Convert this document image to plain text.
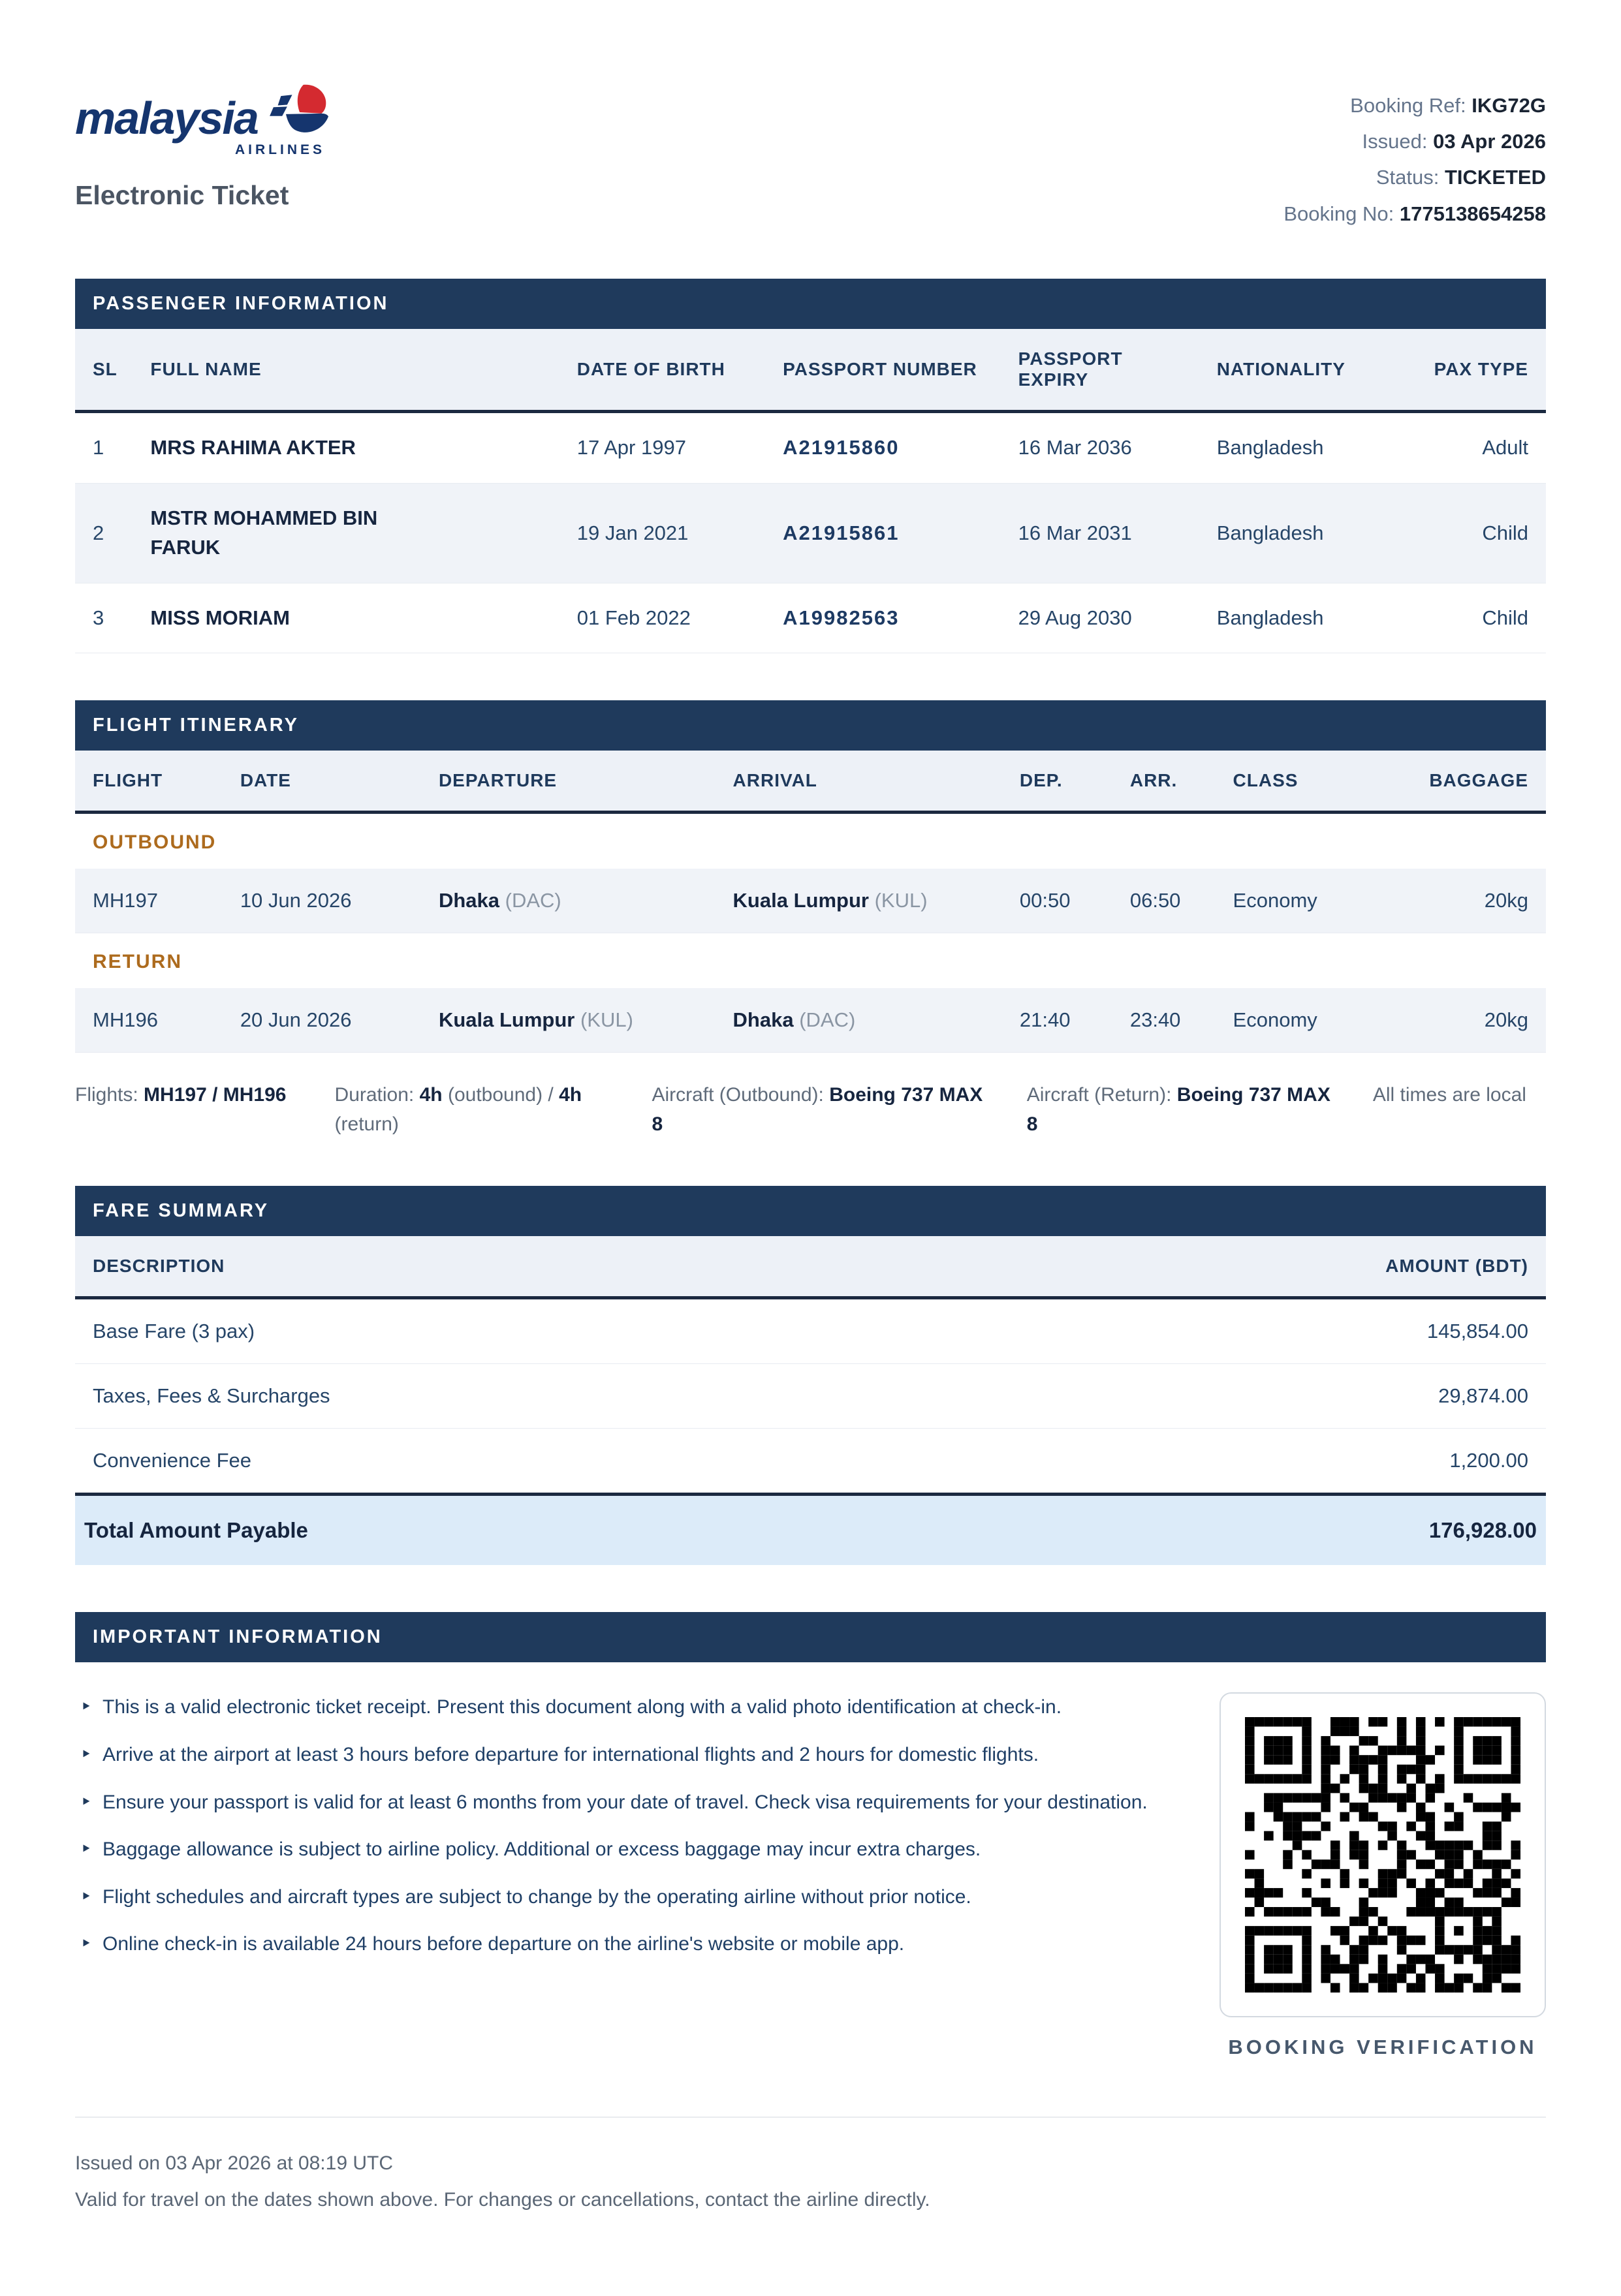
malaysia
AIRLINES
Electronic Ticket
Booking Ref: IKG72G
Issued: 03 Apr 2026
Status: TICKETED
Booking No: 1775138654258
PASSENGER INFORMATION
SL	FULL NAME	DATE OF BIRTH	PASSPORT NUMBER	PASSPORT EXPIRY	NATIONALITY	PAX TYPE
1	MRS RAHIMA AKTER	17 Apr 1997	A21915860	16 Mar 2036	Bangladesh	Adult
2	MSTR MOHAMMED BIN FARUK	19 Jan 2021	A21915861	16 Mar 2031	Bangladesh	Child
3	MISS MORIAM	01 Feb 2022	A19982563	29 Aug 2030	Bangladesh	Child
FLIGHT ITINERARY
FLIGHT	DATE	DEPARTURE	ARRIVAL	DEP.	ARR.	CLASS	BAGGAGE
OUTBOUND							
MH197	10 Jun 2026	Dhaka (DAC)	Kuala Lumpur (KUL)	00:50	06:50	Economy	20kg
RETURN							
MH196	20 Jun 2026	Kuala Lumpur (KUL)	Dhaka (DAC)	21:40	23:40	Economy	20kg
Flights: MH197 / MH196	Duration: 4h (outbound) / 4h (return)
Aircraft (Outbound): Boeing 737 MAX 8
Aircraft (Return): Boeing 737 MAX 8
All times are local
FARE SUMMARY
DESCRIPTION	AMOUNT (BDT)
Base Fare (3 pax)	145,854.00
Taxes, Fees & Surcharges	29,874.00
Convenience Fee	1,200.00
Total Amount Payable	176,928.00
IMPORTANT INFORMATION
‣ This is a valid electronic ticket receipt. Present this document along with a valid photo identification at check-in.
‣ Arrive at the airport at least 3 hours before departure for international flights and 2 hours for domestic flights.
‣ Ensure your passport is valid for at least 6 months from your date of travel. Check visa requirements for your destination.
‣ Baggage allowance is subject to airline policy. Additional or excess baggage may incur extra charges.
‣ Flight schedules and aircraft types are subject to change by the operating airline without prior notice.
‣ Online check-in is available 24 hours before departure on the airline's website or mobile app.
BOOKING VERIFICATION
Issued on 03 Apr 2026 at 08:19 UTC
Valid for travel on the dates shown above. For changes or cancellations, contact the airline directly.
